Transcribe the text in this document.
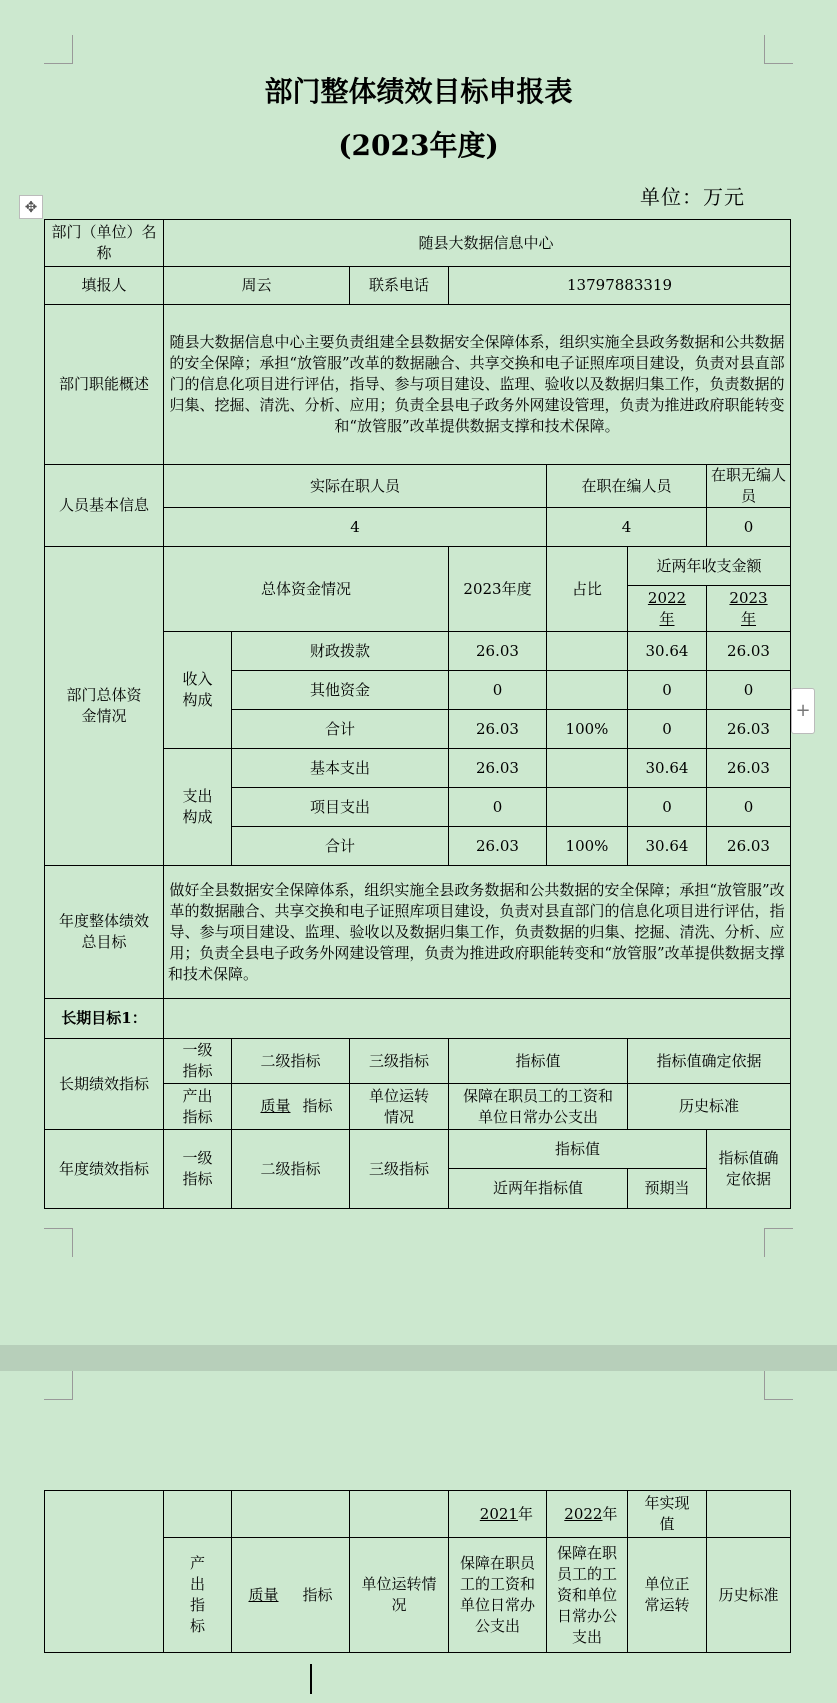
部门整体绩效目标申报表
(2023年度)
单位：万元
✥
+
部门（单位）名称	随县大数据信息中心						
填报人	周云		联系电话	13797883319			
部门职能概述	随县大数据信息中心主要负责组建全县数据安全保障体系，组织实施全县政务数据和公共数据的安全保障；承担“放管服”改革的数据融合、共享交换和电子证照库项目建设，负责对县直部门的信息化项目进行评估，指导、参与项目建设、监理、验收以及数据归集工作，负责数据的归集、挖掘、清洗、分析、应用；负责全县电子政务外网建设管理，负责为推进政府职能转变和“放管服”改革提供数据支撑和技术保障。						
人员基本信息	实际在职人员				在职在编人员		在职无编人员
	4				4		0
部门总体资金情况	总体资金情况			2023年度	占比	近两年收支金额	
						2022年	2023年
	收入构成	财政拨款		26.03		30.64	26.03
		其他资金		0		0	0
		合计		26.03	100%	0	26.03
	支出构成	基本支出		26.03		30.64	26.03
		项目支出		0		0	0
		合计		26.03	100%	30.64	26.03
年度整体绩效总目标	做好全县数据安全保障体系，组织实施全县政务数据和公共数据的安全保障；承担“放管服”改革的数据融合、共享交换和电子证照库项目建设，负责对县直部门的信息化项目进行评估，指导、参与项目建设、监理、验收以及数据归集工作，负责数据的归集、挖掘、清洗、分析、应用；负责全县电子政务外网建设管理，负责为推进政府职能转变和“放管服”改革提供数据支撑和技术保障。						
长期目标1：							
长期绩效指标	一级指标	二级指标	三级指标	指标值		指标值确定依据	
	产出指标	质量 指标	单位运转情况	保障在职员工的工资和单位日常办公支出		历史标准	
年度绩效指标	一级指标	二级指标	三级指标	指标值			指标值确定依据
				近两年指标值		预期当	
				2021年	2022年	年实现值	
	产出指标	质量 指标	单位运转情况	保障在职员工的工资和单位日常办公支出	保障在职员工的工资和单位日常办公支出	单位正常运转	历史标准
